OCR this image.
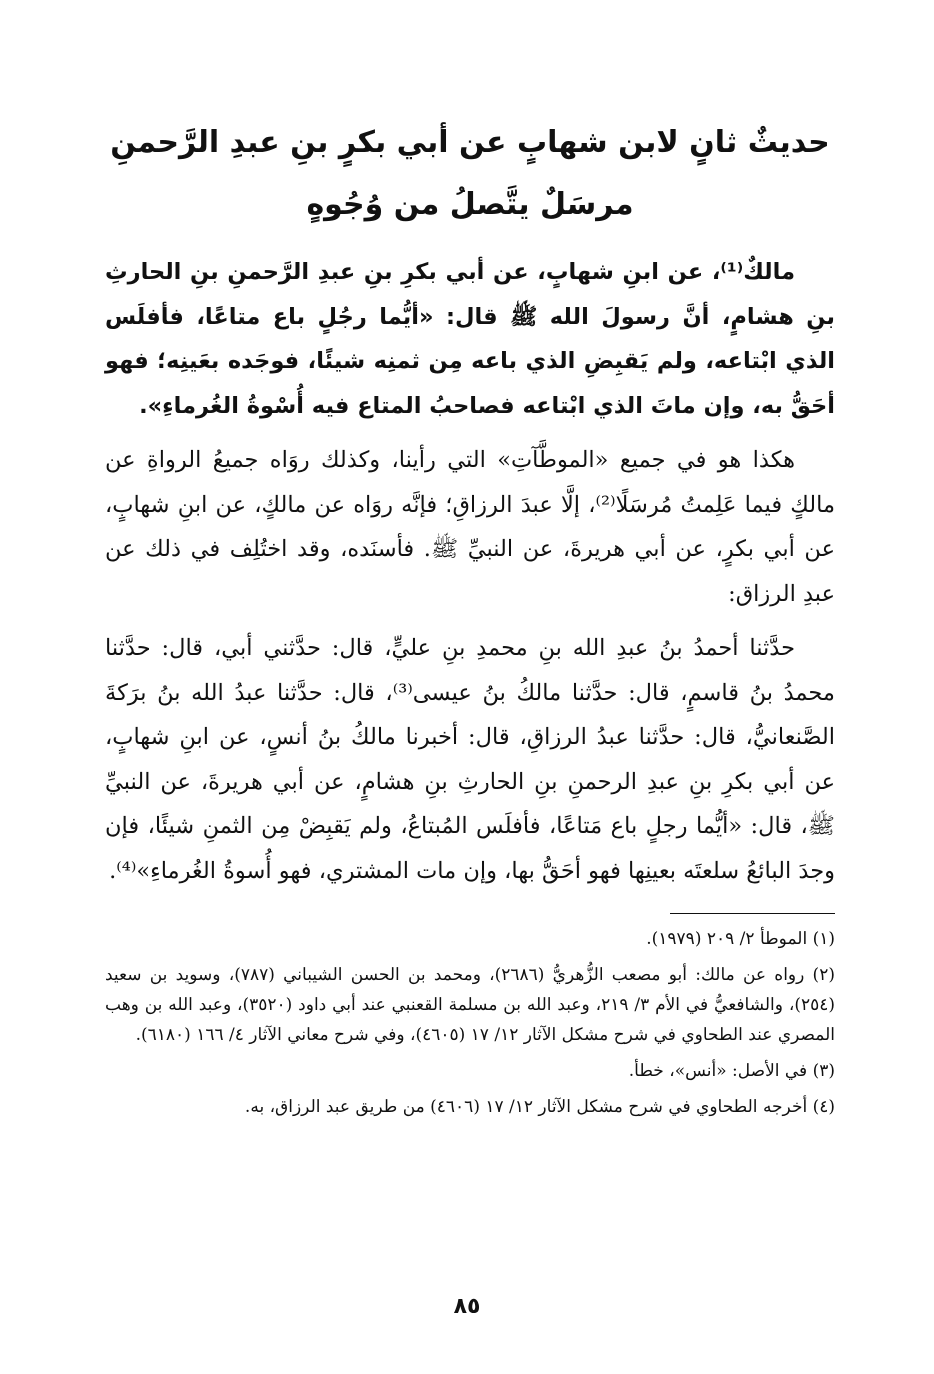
حديثٌ ثانٍ لابن شهابٍ عن أبي بكرٍ بنِ عبدِ الرَّحمنِ
مرسَلٌ يتَّصلُ من وُجُوهٍ

مالكٌ⁽¹⁾، عن ابنِ شهابٍ، عن أبي بكرِ بنِ عبدِ الرَّحمنِ بنِ الحارثِ بنِ هشامٍ، أنَّ رسولَ الله ﷺ قال: «أيُّما رجُلٍ باع متاعًا، فأفلَس الذي ابْتاعه، ولم يَقبِضِ الذي باعه مِن ثمنِه شيئًا، فوجَده بعَينِه؛ فهو أحَقُّ به، وإن ماتَ الذي ابْتاعه فصاحبُ المتاع فيه أُسْوةُ الغُرماءِ».

هكذا هو في جميع «الموطَّآتِ» التي رأينا، وكذلك روَاه جميعُ الرواةِ عن مالكٍ فيما عَلِمتُ مُرسَلًا⁽²⁾، إلَّا عبدَ الرزاقِ؛ فإنَّه روَاه عن مالكٍ، عن ابنِ شهابٍ، عن أبي بكرٍ، عن أبي هريرةَ، عن النبيِّ ﷺ. فأسنَده، وقد اختُلِف في ذلك عن عبدِ الرزاق:

حدَّثنا أحمدُ بنُ عبدِ الله بنِ محمدِ بنِ عليٍّ، قال: حدَّثني أبي، قال: حدَّثنا محمدُ بنُ قاسمٍ، قال: حدَّثنا مالكُ بنُ عيسى⁽³⁾، قال: حدَّثنا عبدُ الله بنُ برَكةَ الصَّنعانيُّ، قال: حدَّثنا عبدُ الرزاقِ، قال: أخبرنا مالكُ بنُ أنسٍ، عن ابنِ شهابٍ، عن أبي بكرِ بنِ عبدِ الرحمنِ بنِ الحارثِ بنِ هشامٍ، عن أبي هريرةَ، عن النبيِّ ﷺ، قال: «أيُّما رجلٍ باع مَتاعًا، فأفلَس المُبتاعُ، ولم يَقبِضْ مِن الثمنِ شيئًا، فإن وجدَ البائعُ سلعتَه بعينِها فهو أحَقُّ بها، وإن مات المشتري، فهو أُسوةُ الغُرماءِ»⁽⁴⁾.

(١) الموطأ ٢/ ٢٠٩ (١٩٧٩).

(٢) رواه عن مالك: أبو مصعب الزُّهريُّ (٢٦٨٦)، ومحمد بن الحسن الشيباني (٧٨٧)، وسويد بن سعيد (٢٥٤)، والشافعيُّ في الأم ٣/ ٢١٩، وعبد الله بن مسلمة القعنبي عند أبي داود (٣٥٢٠)، وعبد الله بن وهب المصري عند الطحاوي في شرح مشكل الآثار ١٢/ ١٧ (٤٦٠٥)، وفي شرح معاني الآثار ٤/ ١٦٦ (٦١٨٠).

(٣) في الأصل: «أنس»، خطأ.

(٤) أخرجه الطحاوي في شرح مشكل الآثار ١٢/ ١٧ (٤٦٠٦) من طريق عبد الرزاق، به.

٨٥
